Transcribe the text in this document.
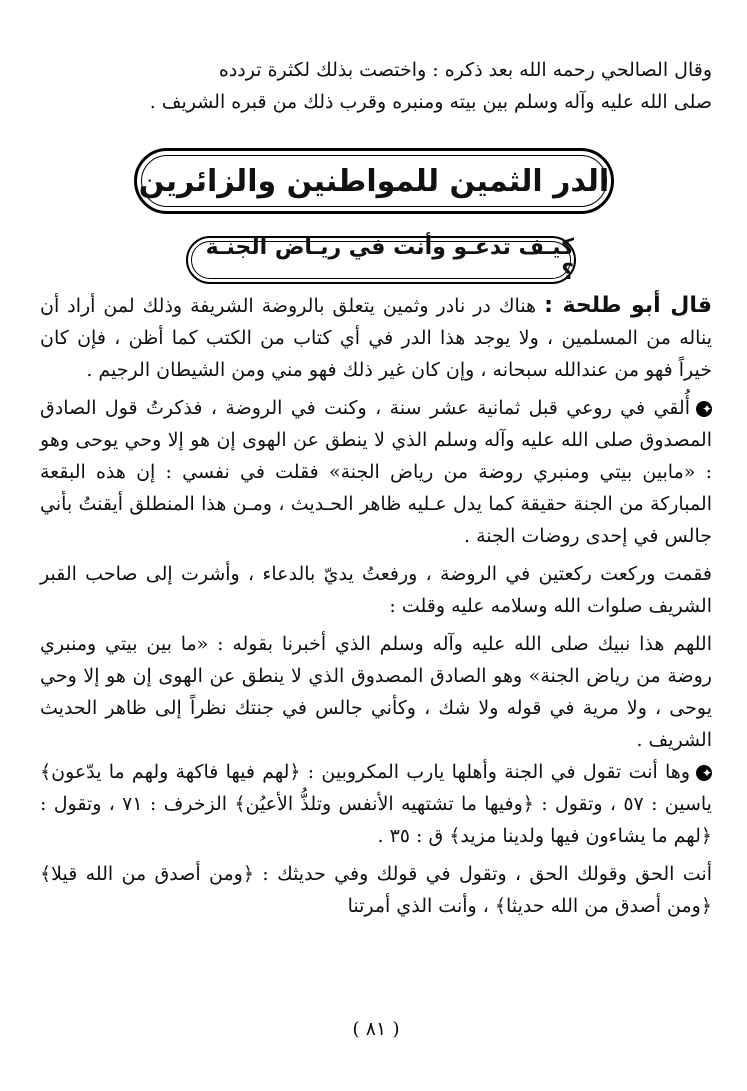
وقال الصالحي رحمه الله بعد ذكره : واختصت بذلك لكثرة تردده

صلى الله عليه وآله وسلم بين بيته ومنبره وقرب ذلك من قبره الشريف .

الدر الثمين للمواطنين والزائرين
كيـف تدعـو وأنت في ريـاض الجنـة ؟

قال أبو طلحة : هناك در نادر وثمين يتعلق بالروضة الشريفة وذلك لمن أراد أن يناله من المسلمين ، ولا يوجد هذا الدر في أي كتاب من الكتب كما أظن ، فإن كان خيراً فهو من عندالله سبحانه ، وإن كان غير ذلك فهو مني ومن الشيطان الرجيم .

✦أُلقي في روعي قبل ثمانية عشر سنة ، وكنت في الروضة ، فذكرتُ قول الصادق المصدوق صلى الله عليه وآله وسلم الذي لا ينطق عن الهوى إن هو إلا وحي يوحى وهو : «مابين بيتي ومنبري روضة من رياض الجنة» فقلت في نفسي : إن هذه البقعة المباركة من الجنة حقيقة كما يدل عـليه ظاهر الحـديث ، ومـن هذا المنطلق أيقنتُ بأني جالس في إحدى روضات الجنة .

فقمت وركعت ركعتين في الروضة ، ورفعتُ يديّ بالدعاء ، وأشرت إلى صاحب القبر الشريف صلوات الله وسلامه عليه وقلت :

اللهم هذا نبيك صلى الله عليه وآله وسلم الذي أخبرنا بقوله : «ما بين بيتي ومنبري روضة من رياض الجنة» وهو الصادق المصدوق الذي لا ينطق عن الهوى إن هو إلا وحي يوحى ، ولا مرية في قوله ولا شك ، وكأني جالس في جنتك نظراً إلى ظاهر الحديث الشريف .

✦وها أنت تقول في الجنة وأهلها يارب المكروبين : ﴿لهم فيها فاكهة ولهم ما يدّعون﴾ ياسين : ٥٧ ، وتقول : ﴿وفيها ما تشتهيه الأنفس وتلذُّ الأعيُن﴾ الزخرف : ٧١ ، وتقول : ﴿لهم ما يشاءون فيها ولدينا مزيد﴾ ق : ٣٥ .

أنت الحق وقولك الحق ، وتقول في قولك وفي حديثك : ﴿ومن أصدق من الله قيلا﴾ ﴿ومن أصدق من الله حديثا﴾ ، وأنت الذي أمرتنا

( ٨١ )
